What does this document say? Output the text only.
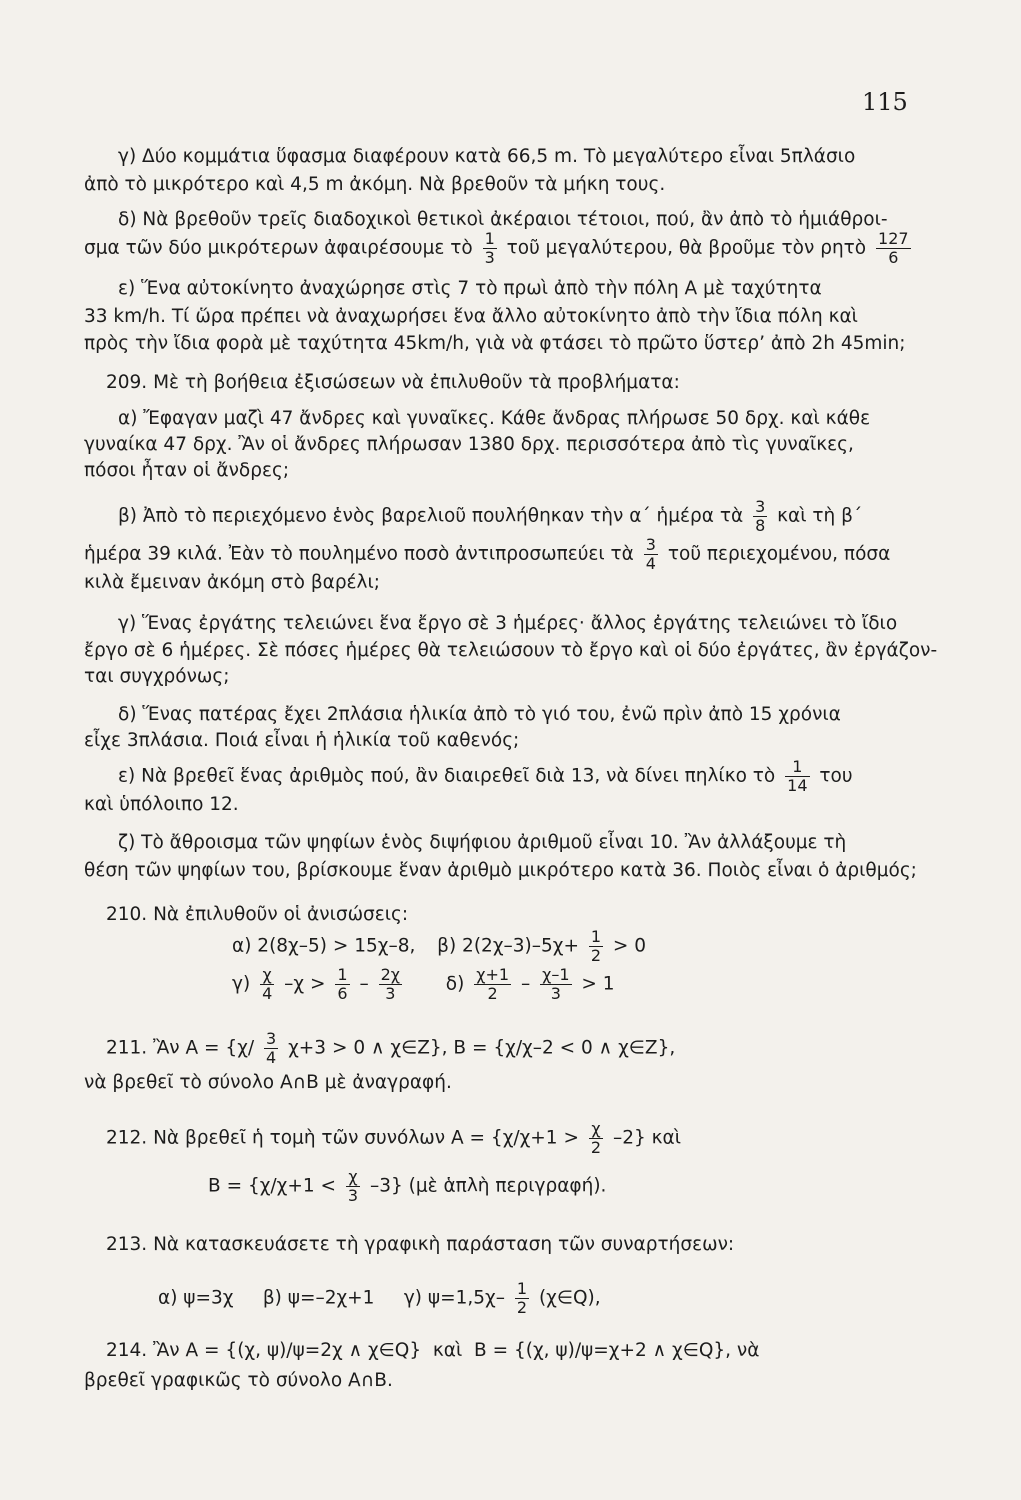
115
γ) Δύο κομμάτια ὕφασμα διαφέρουν κατὰ 66,5 m. Τὸ μεγαλύτερο εἶναι 5πλάσιο
ἀπὸ τὸ μικρότερο καὶ 4,5 m ἀκόμη. Νὰ βρεθοῦν τὰ μήκη τους.
δ) Νὰ βρεθοῦν τρεῖς διαδοχικοὶ θετικοὶ ἀκέραιοι τέτοιοι, πού, ἂν ἀπὸ τὸ ἡμιάθροι-
σμα τῶν δύο μικρότερων ἀφαιρέσουμε τὸ $\frac{1}{3}$ τοῦ μεγαλύτερου, θὰ βροῦμε τὸν ρητὸ $\frac{127}{6}$
ε) Ἕνα αὐτοκίνητο ἀναχώρησε στὶς 7 τὸ πρωὶ ἀπὸ τὴν πόλη Α μὲ ταχύτητα
33 km/h. Τί ὥρα πρέπει νὰ ἀναχωρήσει ἕνα ἄλλο αὐτοκίνητο ἀπὸ τὴν ἴδια πόλη καὶ
πρὸς τὴν ἴδια φορὰ μὲ ταχύτητα 45km/h, γιὰ νὰ φτάσει τὸ πρῶτο ὕστερ’ ἀπὸ 2h 45min;
209. Μὲ τὴ βοήθεια ἐξισώσεων νὰ ἐπιλυθοῦν τὰ προβλήματα:
α) Ἔφαγαν μαζὶ 47 ἄνδρες καὶ γυναῖκες. Κάθε ἄνδρας πλήρωσε 50 δρχ. καὶ κάθε
γυναίκα 47 δρχ. Ἂν οἱ ἄνδρες πλήρωσαν 1380 δρχ. περισσότερα ἀπὸ τὶς γυναῖκες,
πόσοι ἦταν οἱ ἄνδρες;
β) Ἀπὸ τὸ περιεχόμενο ἑνὸς βαρελιοῦ πουλήθηκαν τὴν α΄ ἡμέρα τὰ $\frac{3}{8}$ καὶ τὴ β΄
ἡμέρα 39 κιλά. Ἐὰν τὸ πουλημένο ποσὸ ἀντιπροσωπεύει τὰ $\frac{3}{4}$ τοῦ περιεχομένου, πόσα
κιλὰ ἔμειναν ἀκόμη στὸ βαρέλι;
γ) Ἕνας ἐργάτης τελειώνει ἕνα ἔργο σὲ 3 ἡμέρες· ἄλλος ἐργάτης τελειώνει τὸ ἴδιο
ἔργο σὲ 6 ἡμέρες. Σὲ πόσες ἡμέρες θὰ τελειώσουν τὸ ἔργο καὶ οἱ δύο ἐργάτες, ἂν ἐργάζον-
ται συγχρόνως;
δ) Ἕνας πατέρας ἔχει 2πλάσια ἡλικία ἀπὸ τὸ γιό του, ἐνῶ πρὶν ἀπὸ 15 χρόνια
εἶχε 3πλάσια. Ποιά εἶναι ἡ ἡλικία τοῦ καθενός;
ε) Νὰ βρεθεῖ ἕνας ἀριθμὸς πού, ἂν διαιρεθεῖ διὰ 13, νὰ δίνει πηλίκο τὸ $\frac{1}{14}$ του
καὶ ὑπόλοιπο 12.
ζ) Τὸ ἄθροισμα τῶν ψηφίων ἑνὸς διψήφιου ἀριθμοῦ εἶναι 10. Ἂν ἀλλάξουμε τὴ
θέση τῶν ψηφίων του, βρίσκουμε ἕναν ἀριθμὸ μικρότερο κατὰ 36. Ποιὸς εἶναι ὁ ἀριθμός;
210. Νὰ ἐπιλυθοῦν οἱ ἀνισώσεις:
α) 2(8χ–5) > 15χ–8, β) $2(2\chi-3)-5\chi+ \frac{1}{2} > 0$
$\gamma) \frac{\chi}{4} -\chi > \frac{1}{6} - \frac{2\chi}{3} \delta) \frac{\chi+1}{2} - \frac{\chi-1}{3} > 1$
211. Ἂν $A = \{\chi/ \frac{3}{4} \chi+3 > 0$ ∧ χ∈Ζ}, Β = {χ/χ–2 < 0 ∧ χ∈Ζ},
νὰ βρεθεῖ τὸ σύνολο Α∩Β μὲ ἀναγραφή.
212. Νὰ βρεθεῖ ἡ τομὴ τῶν συνόλων $A = \{\chi/\chi+1 > \frac{\chi}{2} -2\}$ καὶ
$B = \{\chi/\chi+1 < \frac{\chi}{3} -3\}$ (μὲ ἁπλὴ περιγραφή).
213. Νὰ κατασκευάσετε τὴ γραφικὴ παράσταση τῶν συναρτήσεων:
α) ψ=3χ     β) ψ=–2χ+1     γ) $\psi=1,5\chi- \frac{1}{2}$ (χ∈Q),
214. Ἂν Α = {(χ, ψ)/ψ=2χ ∧ χ∈Q}  καὶ  Β = {(χ, ψ)/ψ=χ+2 ∧ χ∈Q}, νὰ
βρεθεῖ γραφικῶς τὸ σύνολο Α∩Β.
